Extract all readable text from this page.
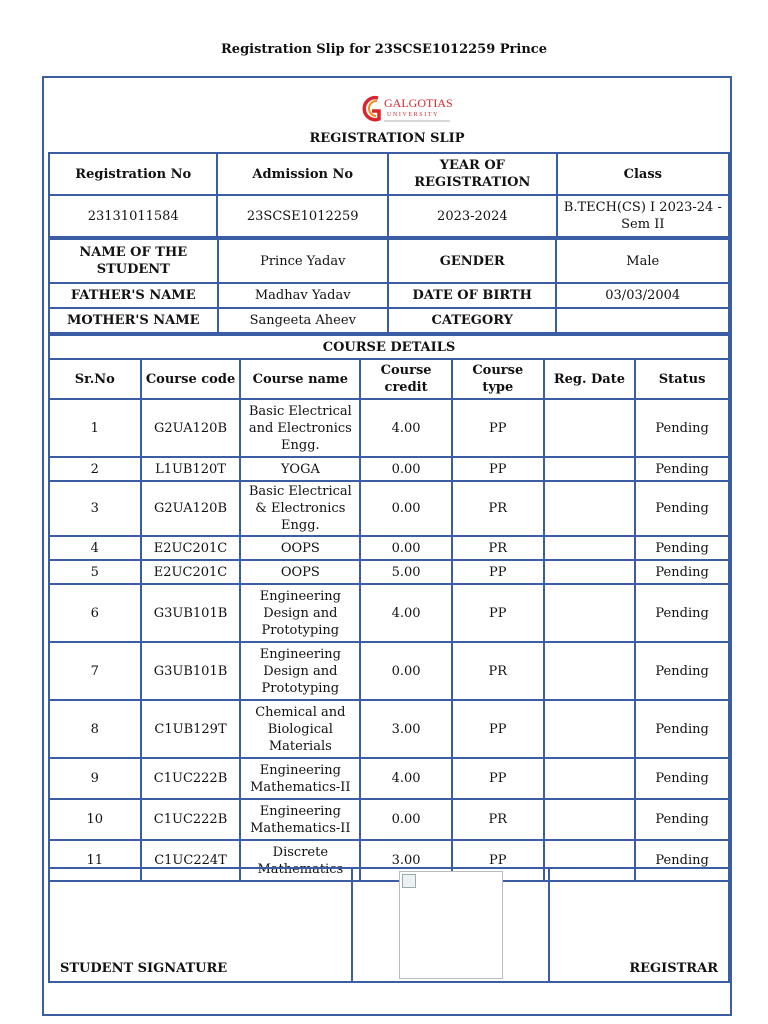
Registration Slip for 23SCSE1012259 Prince
GALGOTIAS
UNIVERSITY
REGISTRATION SLIP
Registration No	Admission No	YEAR OF REGISTRATION	Class
23131011584	23SCSE1012259	2023-2024	B.TECH(CS) I 2023-24 - Sem II
NAME OF THE STUDENT	Prince Yadav	GENDER	Male
FATHER'S NAME	Madhav Yadav	DATE OF BIRTH	03/03/2004
MOTHER'S NAME	Sangeeta Aheev	CATEGORY	
COURSE DETAILS						
Sr.No	Course code	Course name	Course credit	Course type	Reg. Date	Status
1	G2UA120B	Basic Electrical and Electronics Engg.	4.00	PP		Pending
2	L1UB120T	YOGA	0.00	PP		Pending
3	G2UA120B	Basic Electrical & Electronics Engg.	0.00	PR		Pending
4	E2UC201C	OOPS	0.00	PR		Pending
5	E2UC201C	OOPS	5.00	PP		Pending
6	G3UB101B	Engineering Design and Prototyping	4.00	PP		Pending
7	G3UB101B	Engineering Design and Prototyping	0.00	PR		Pending
8	C1UB129T	Chemical and Biological Materials	3.00	PP		Pending
9	C1UC222B	Engineering Mathematics-II	4.00	PP		Pending
10	C1UC222B	Engineering Mathematics-II	0.00	PR		Pending
11	C1UC224T	Discrete Mathematics	3.00	PP		Pending
STUDENT SIGNATURE		REGISTRAR
